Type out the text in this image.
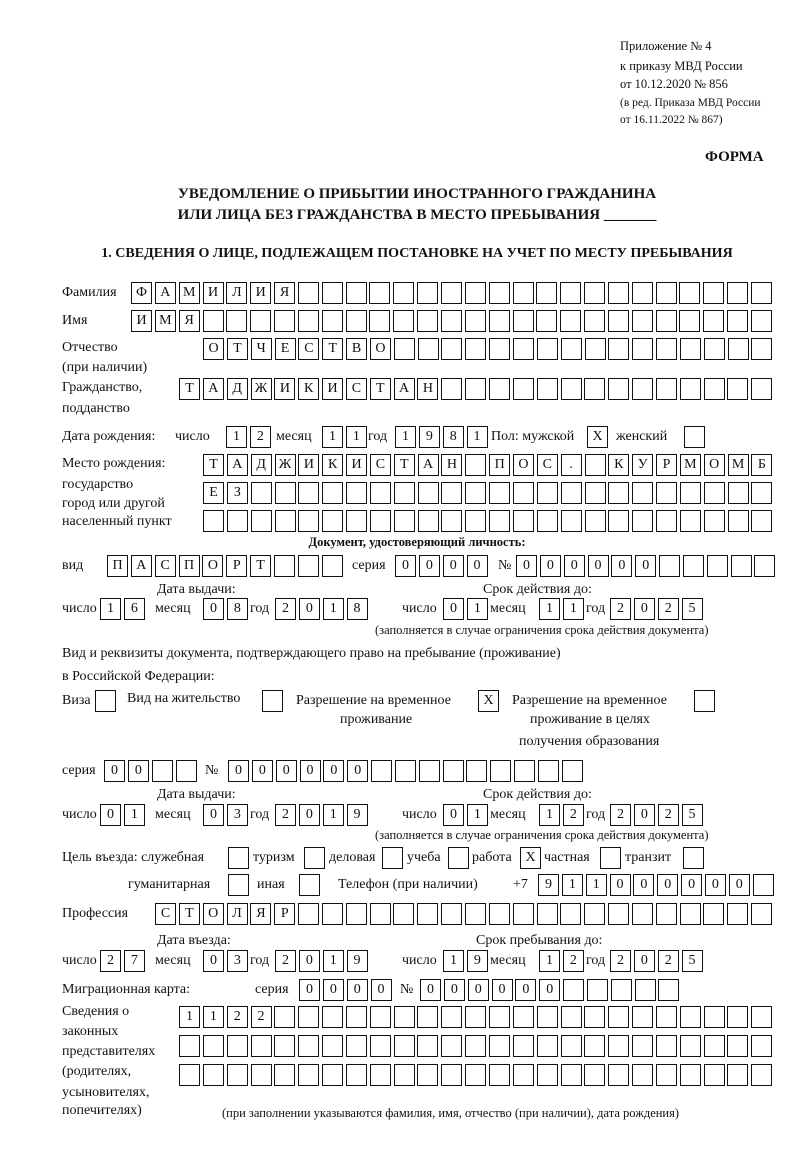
Приложение № 4
к приказу МВД России
от 10.12.2020 № 856
(в ред. Приказа МВД России
от 16.11.2022 № 867)
ФОРМА
УВЕДОМЛЕНИЕ О ПРИБЫТИИ ИНОСТРАННОГО ГРАЖДАНИНА
ИЛИ ЛИЦА БЕЗ ГРАЖДАНСТВА В МЕСТО ПРЕБЫВАНИЯ _______
1. СВЕДЕНИЯ О ЛИЦЕ, ПОДЛЕЖАЩЕМ ПОСТАНОВКЕ НА УЧЕТ ПО МЕСТУ ПРЕБЫВАНИЯ
Фамилия	Ф А М И	Л	И	Я
Имя	И М Я
Отчество
(при наличии)
О	Т	Ч	Е	С	Т	В	О
Гражданство,
подданство
Т	А	Д Ж И	К	И	С	Т	А Н
Дата рождения: число	1	2 месяц	1	1 год	1	9	8	1 Пол: мужской	X женский
Место рождения:
государство
город или другой
населенный пункт
Т	А	Д Ж И	К	И	С	Т	А Н	П О	С	.	К	У	Р М О М Б
Е	З
Документ, удостоверяющий личность:
вид	П А	С	П О	Р	Т	серия	0	0	0	0	№ 0	0	0	0	0	0
Дата выдачи:	Срок действия до:
число 1	6	месяц	0	8 год 2	0	1	8	число 0	1 месяц	1	1 год 2	0	2	5
(заполняется в случае ограничения срока действия документа)
Вид и реквизиты документа, подтверждающего право на пребывание (проживание)
в Российской Федерации:
Виза	Вид на жительство	Разрешение на временное
проживание
X	Разрешение на временное
проживание в целях
получения образования
серия	0	0	№	0	0	0	0	0	0
Дата выдачи:	Срок действия до:
число 0	1	месяц	0	3 год 2	0	1	9	число 0	1 месяц	1	2 год 2	0	2	5
(заполняется в случае ограничения срока действия документа)
Цель въезда: служебная	туризм деловая учеба работа X частная	транзит
гуманитарная	иная	Телефон (при наличии)	+7	9	1	1	0	0	0	0	0	0
Профессия	С	Т	О	Л	Я	Р
Дата въезда:	Срок пребывания до:
число 2	7	месяц	0	3 год 2	0	1	9	число 1	9 месяц	1	2 год 2	0	2	5
Миграционная карта:	серия	0	0	0	0	№ 0	0	0	0	0	0
Сведения о
законных
представителях
(родителях,
усыновителях,
попечителях)
1	1	2	2
(при заполнении указываются фамилия, имя, отчество (при наличии), дата рождения)
